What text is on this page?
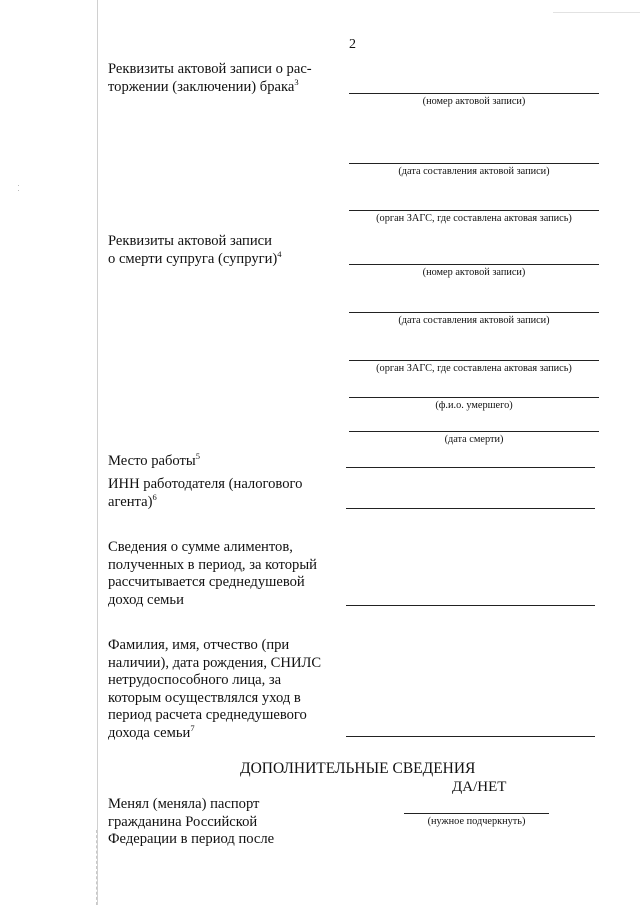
2
Реквизиты актовой записи о рас-
торжении (заключении) брака$^3$
(номер актовой записи)
(дата составления актовой записи)
(орган ЗАГС, где составлена актовая запись)
Реквизиты актовой записи
о смерти супруга (супруги)$^4$
(номер актовой записи)
(дата составления актовой записи)
(орган ЗАГС, где составлена актовая запись)
(ф.и.о. умершего)
(дата смерти)
Место работы$^5$
ИНН работодателя (налогового
агента)$^6$
Сведения о сумме алиментов,
полученных в период, за который
рассчитывается среднедушевой
доход семьи
Фамилия, имя, отчество (при
наличии), дата рождения, СНИЛС
нетрудоспособного лица, за
которым осуществлялся уход в
период расчета среднедушевого
дохода семьи$^7$
ДОПОЛНИТЕЛЬНЫЕ СВЕДЕНИЯ
ДА/НЕТ
Менял (меняла) паспорт
гражданина Российской
Федерации в период после
(нужное подчеркнуть)
